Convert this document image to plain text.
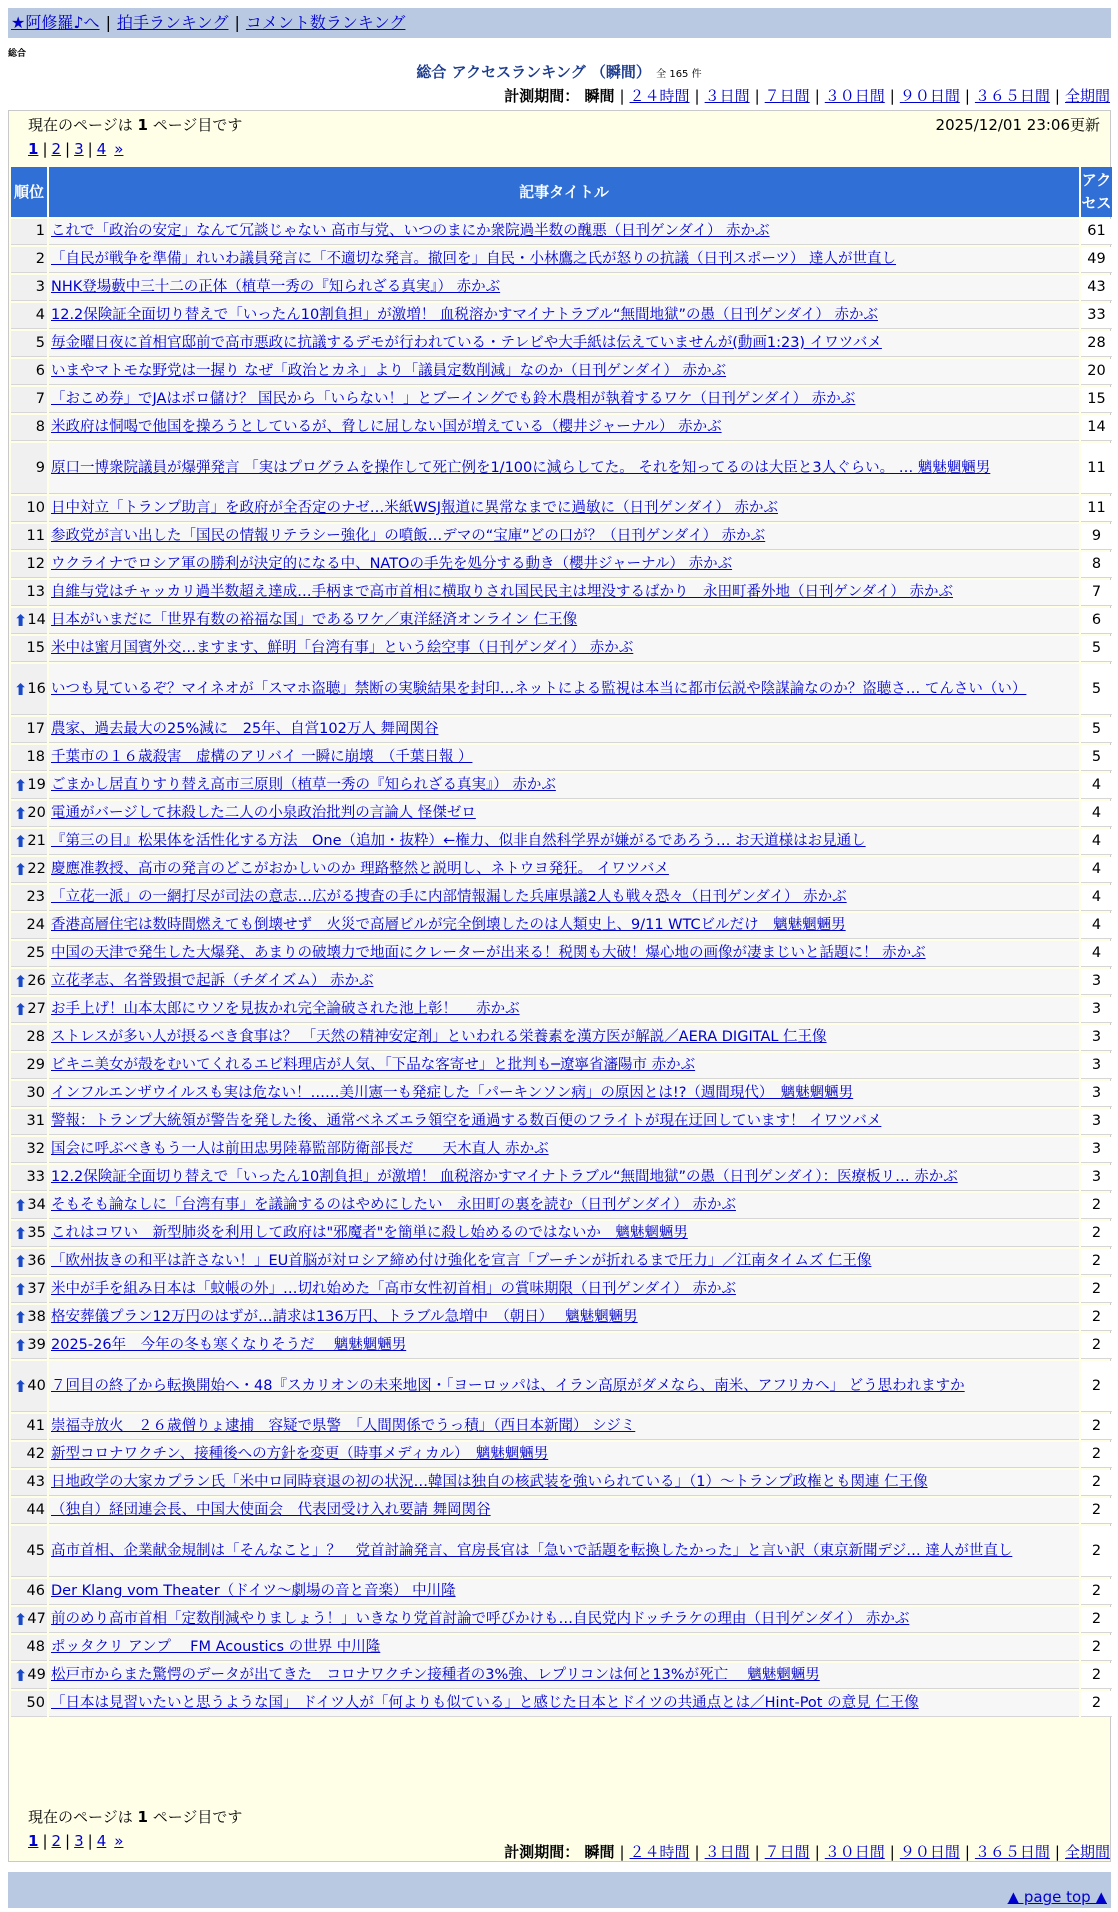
★阿修羅♪へ | 拍手ランキング | コメント数ランキング
総合
総合 アクセスランキング （瞬間） 全 165 件
計測期間： 瞬間 | ２４時間 | ３日間 | ７日間 | ３０日間 | ９０日間 | ３６５日間 | 全期間
現在のページは 1 ページ目です	2025/12/01 23:06更新
1 | 2 | 3 | 4 »
順位	記事タイトル	アクセス
1	これで「政治の安定」なんて冗談じゃない 高市与党、いつのまにか衆院過半数の醜悪（日刊ゲンダイ） 赤かぶ	61
2	「自民が戦争を準備」れいわ議員発言に「不適切な発言。撤回を」自民・小林鷹之氏が怒りの抗議（日刊スポーツ） 達人が世直し	49
3	NHK登場藪中三十二の正体（植草一秀の『知られざる真実』） 赤かぶ	43
4	12.2保険証全面切り替えで「いったん10割負担」が激増！ 血税溶かすマイナトラブル“無間地獄”の愚（日刊ゲンダイ） 赤かぶ	33
5	毎金曜日夜に首相官邸前で高市悪政に抗議するデモが行われている・テレビや大手紙は伝えていませんが(動画1:23) イワツバメ	28
6	いまやマトモな野党は一握り なぜ「政治とカネ」より「議員定数削減」なのか（日刊ゲンダイ） 赤かぶ	20
7	「おこめ券」でJAはボロ儲け？ 国民から「いらない！」とブーイングでも鈴木農相が執着するワケ（日刊ゲンダイ） 赤かぶ	15
8	米政府は恫喝で他国を操ろうとしているが、脅しに屈しない国が増えている（櫻井ジャーナル） 赤かぶ	14
9	原口一博衆院議員が爆弾発言 「実はプログラムを操作して死亡例を1/100に減らしてた。 それを知ってるのは大臣と3人ぐらい。 … 魑魅魍魎男	11
10	日中対立「トランプ助言」を政府が全否定のナゼ…米紙WSJ報道に異常なまでに過敏に（日刊ゲンダイ） 赤かぶ	11
11	参政党が言い出した「国民の情報リテラシー強化」の噴飯…デマの“宝庫”どの口が？（日刊ゲンダイ） 赤かぶ	9
12	ウクライナでロシア軍の勝利が決定的になる中、NATOの手先を処分する動き（櫻井ジャーナル） 赤かぶ	8
13	自維与党はチャッカリ過半数超え達成…手柄まで高市首相に横取りされ国民民主は埋没するばかり　永田町番外地（日刊ゲンダイ） 赤かぶ	7

⬆ 14	日本がいまだに「世界有数の裕福な国」であるワケ／東洋経済オンライン 仁王像	6
15	米中は蜜月国賓外交…ますます、鮮明「台湾有事」という絵空事（日刊ゲンダイ） 赤かぶ	5

⬆ 16	いつも見ているぞ？マイネオが「スマホ盗聴」禁断の実験結果を封印…ネットによる監視は本当に都市伝説や陰謀論なのか？盗聴さ… てんさい（い）	5
17	農家、過去最大の25%減に　25年、自営102万人 舞岡関谷	5
18	千葉市の１６歳殺害　虚構のアリバイ 一瞬に崩壊　（千葉日報 ）	5

⬆ 19	ごまかし居直りすり替え高市三原則（植草一秀の『知られざる真実』） 赤かぶ	4

⬆ 20	電通がバージして抹殺した二人の小泉政治批判の言論人 怪傑ゼロ	4

⬆ 21	『第三の目』松果体を活性化する方法　One（追加・抜粋）←権力、似非自然科学界が嫌がるであろう… お天道様はお見通し	4

⬆ 22	慶應准教授、高市の発言のどこがおかしいのか 理路整然と説明し、ネトウヨ発狂。 イワツバメ	4
23	「立花一派」の一網打尽が司法の意志…広がる捜査の手に内部情報漏した兵庫県議2人も戦々恐々（日刊ゲンダイ） 赤かぶ	4
24	香港高層住宅は数時間燃えても倒壊せず　火災で高層ビルが完全倒壊したのは人類史上、9/11 WTCビルだけ　魑魅魍魎男	4
25	中国の天津で発生した大爆発、あまりの破壊力で地面にクレーターが出来る！税関も大破！爆心地の画像が凄まじいと話題に！ 赤かぶ	4

⬆ 26	立花孝志、名誉毀損で起訴（チダイズム） 赤かぶ	3

⬆ 27	お手上げ！山本太郎にウソを見抜かれ完全論破された池上彰！　 赤かぶ	3
28	ストレスが多い人が摂るべき食事は？ 「天然の精神安定剤」といわれる栄養素を漢方医が解説／AERA DIGITAL 仁王像	3
29	ビキニ美女が殻をむいてくれるエビ料理店が人気、「下品な客寄せ」と批判も─遼寧省瀋陽市 赤かぶ	3
30	インフルエンザウイルスも実は危ない！……美川憲一も発症した「パーキンソン病」の原因とは!?（週間現代）　魑魅魍魎男	3
31	警報：トランプ大統領が警告を発した後、通常ベネズエラ領空を通過する数百便のフライトが現在迂回しています！ イワツバメ	3
32	国会に呼ぶべきもう一人は前田忠男陸幕監部防衛部長だ　　天木直人 赤かぶ	3
33	12.2保険証全面切り替えで「いったん10割負担」が激増！ 血税溶かすマイナトラブル“無間地獄”の愚（日刊ゲンダイ）：医療板リ… 赤かぶ	3

⬆ 34	そもそも論なしに「台湾有事」を議論するのはやめにしたい　永田町の裏を読む（日刊ゲンダイ） 赤かぶ	2

⬆ 35	これはコワい　新型肺炎を利用して政府は"邪魔者"を簡単に殺し始めるのではないか　魑魅魍魎男	2

⬆ 36	「欧州抜きの和平は許さない！」EU首脳が対ロシア締め付け強化を宣言「プーチンが折れるまで圧力」／江南タイムズ 仁王像	2

⬆ 37	米中が手を組み日本は「蚊帳の外」…切れ始めた「高市女性初首相」の賞味期限（日刊ゲンダイ） 赤かぶ	2

⬆ 38	格安葬儀プラン12万円のはずが…請求は136万円、トラブル急増中　（朝日）　 魑魅魍魎男	2

⬆ 39	2025-26年　今年の冬も寒くなりそうだ　 魑魅魍魎男	2

⬆ 40	７回目の終了から転換開始へ・48『スカリオンの未来地図・「ヨーロッパは、イラン高原がダメなら、南米、アフリカへ」 どう思われますか	2
41	崇福寺放火　２６歳僧りょ逮捕　容疑で県警　「人間関係でうっ積」（西日本新聞） シジミ	2
42	新型コロナワクチン、接種後への方針を変更（時事メディカル）　魑魅魍魎男	2
43	日地政学の大家カプラン氏「米中ロ同時衰退の初の状況…韓国は独自の核武装を強いられている」（1）〜トランプ政権とも関連 仁王像	2
44	（独自）経団連会長、中国大使面会　代表団受け入れ要請 舞岡関谷	2
45	高市首相、企業献金規制は「そんなこと」？　党首討論発言、官房長官は「急いで話題を転換したかった」と言い訳（東京新聞デジ… 達人が世直し	2
46	Der Klang vom Theater（ドイツ〜劇場の音と音楽） 中川隆	2

⬆ 47	前のめり高市首相「定数削減やりましょう！」いきなり党首討論で呼びかけも…自民党内ドッチラケの理由（日刊ゲンダイ） 赤かぶ	2
48	ポッタクリ アンプ ＿FM Acoustics の世界 中川隆	2

⬆ 49	松戸市からまた驚愕のデータが出てきた　コロナワクチン接種者の3%強、レプリコンは何と13%が死亡　 魑魅魍魎男	2
50	「日本は見習いたいと思うような国」 ドイツ人が「何よりも似ている」と感じた日本とドイツの共通点とは／Hint-Pot の意見 仁王像	2
現在のページは 1 ページ目です
1 | 2 | 3 | 4 »
計測期間： 瞬間 | ２４時間 | ３日間 | ７日間 | ３０日間 | ９０日間 | ３６５日間 | 全期間
▲ page top ▲
